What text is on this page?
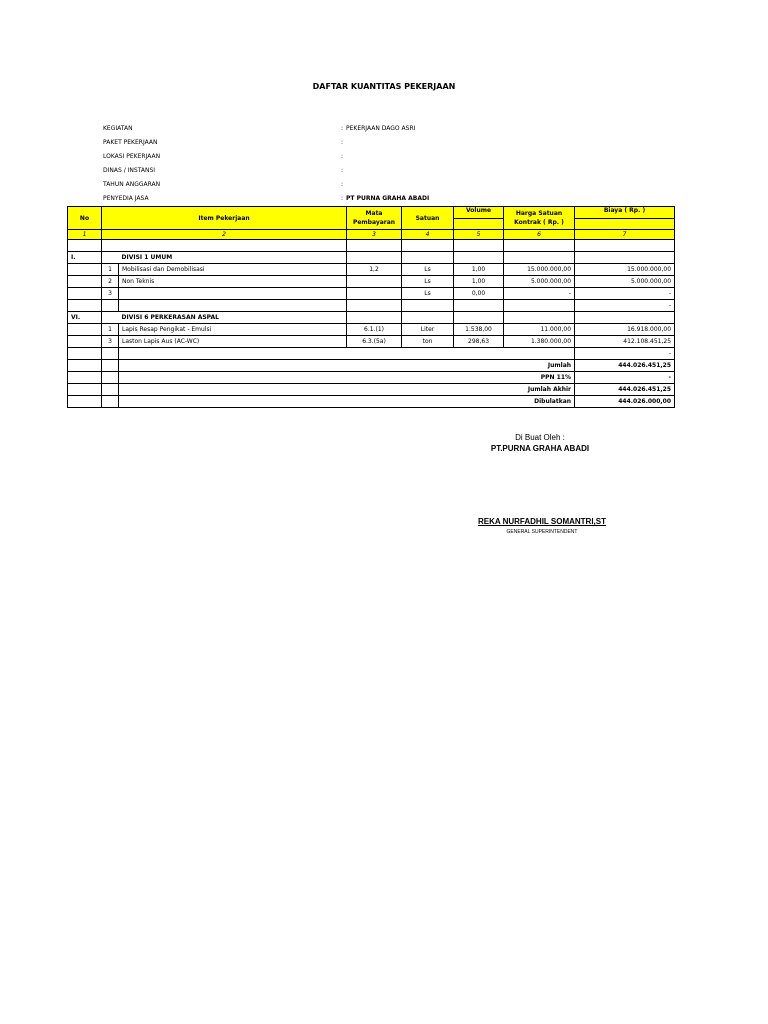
DAFTAR KUANTITAS PEKERJAAN
KEGIATAN	: PEKERJAAN DAGO ASRI
PAKET PEKERJAAN	:
LOKASI PEKERJAAN	:
DINAS / INSTANSI	:
TAHUN ANGGARAN	:
PENYEDIA JASA	: PT PURNA GRAHA ABADI
No	Item Pekerjaan		Mata Pembayaran	Satuan	Volume	Harga Satuan Kontrak ( Rp. )	Biaya ( Rp. )

1	2		3	4	5	6	7

I.		DIVISI 1 UMUM					
	1	Mobilisasi dan Demobilisasi	1,2	Ls	1,00	15.000.000,00	15.000.000,00
	2	Non Teknis		Ls	1,00	5.000.000,00	5.000.000,00
	3			Ls	0,00	-	-
							-
VI.		DIVISI 6 PERKERASAN ASPAL					
	1	Lapis Resap Pengikat - Emulsi	6.1.(1)	Liter	1.538,00	11.000,00	16.918.000,00
	3	Laston Lapis Aus (AC-WC)	6.3.(5a)	ton	298,63	1.380.000,00	412.108.451,25
							-
		Jumlah					444.026.451,25
		PPN 11%					-
		Jumlah Akhir					444.026.451,25
		Dibulatkan					444.026.000,00
Di Buat Oleh :
PT.PURNA GRAHA ABADI
REKA NURFADHIL SOMANTRI,ST
GENERAL SUPERINTENDENT
